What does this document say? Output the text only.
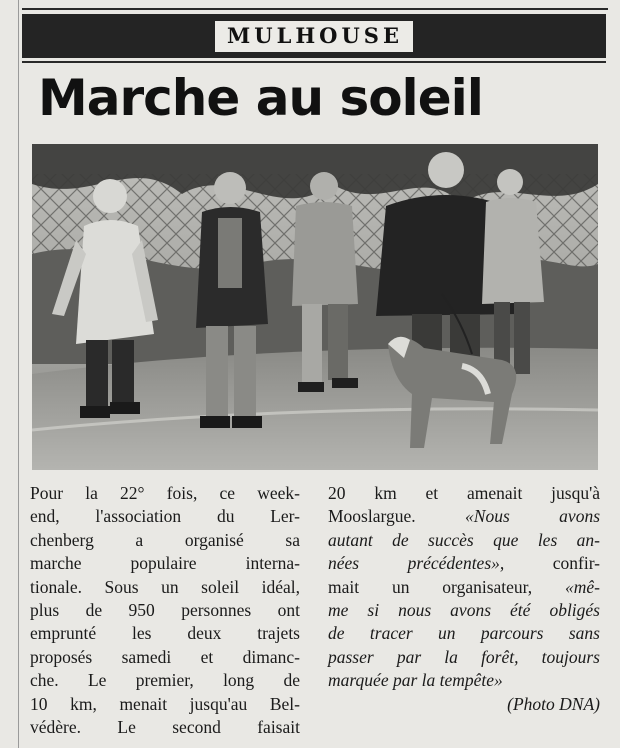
MULHOUSE
Marche au soleil
Pour la 22° fois, ce week-
end, l'association du Ler-
chenberg a organisé sa
marche populaire interna-
tionale. Sous un soleil idéal,
plus de 950 personnes ont
emprunté les deux trajets
proposés samedi et dimanc-
che. Le premier, long de
10 km, menait jusqu'au Bel-
védère. Le second faisait
20 km et amenait jusqu'à
Mooslargue. «Nous avons
autant de succès que les an-
nées précédentes», confir-
mait un organisateur, «mê-
me si nous avons été obligés
de tracer un parcours sans
passer par la forêt, toujours
marquée par la tempête»
(Photo DNA)
